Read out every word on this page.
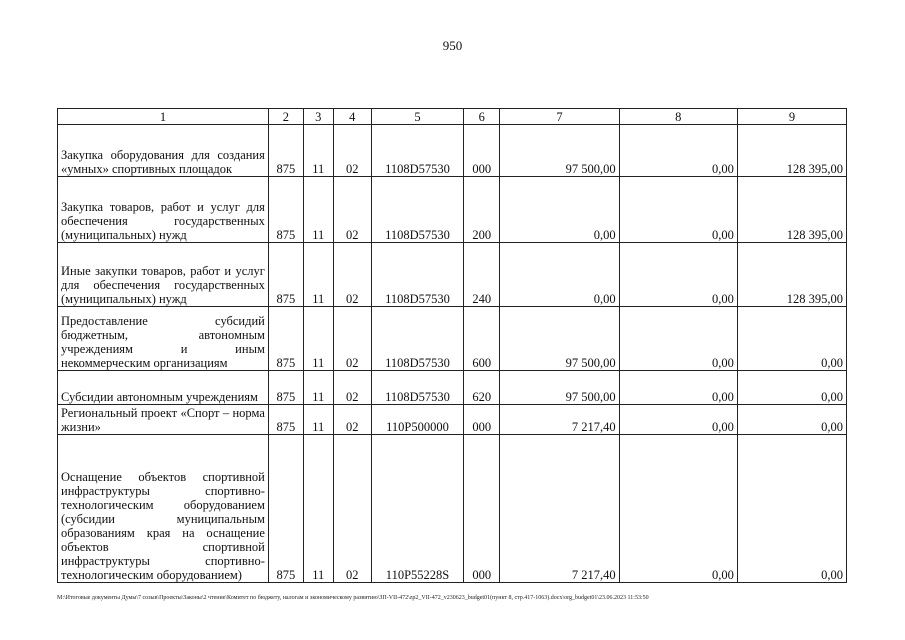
950
1	2	3	4	5	6	7	8	9
Закупка оборудования для создания «умных» спортивных площадок	875	11	02	1108D57530	000	97 500,00	0,00	128 395,00
Закупка товаров, работ и услуг для обеспечения государственных (муниципальных) нужд	875	11	02	1108D57530	200	0,00	0,00	128 395,00
Иные закупки товаров, работ и услуг для обеспечения государственных (муниципальных) нужд	875	11	02	1108D57530	240	0,00	0,00	128 395,00
Предоставление субсидий бюджетным, автономным учреждениям и иным некоммерческим организациям	875	11	02	1108D57530	600	97 500,00	0,00	0,00
Субсидии автономным учреждениям	875	11	02	1108D57530	620	97 500,00	0,00	0,00
Региональный проект «Спорт – норма жизни»	875	11	02	110P500000	000	7 217,40	0,00	0,00
Оснащение объектов спортивной инфраструктуры спортивно-технологическим оборудованием (субсидии муниципальным образованиям края на оснащение объектов спортивной инфраструктуры спортивно-технологическим оборудованием)	875	11	02	110P55228S	000	7 217,40	0,00	0,00
M:\Итоговые документы Думы\7 созыв\Проекты\Законы\2 чтение\Комитет по бюджету, налогам и экономическому развитию\ЗП-VII-472\zp2_VII-472_v230623_budget01(пункт 8, стр.417-1063).docx\org_budget01\23.06.2023 11:53:50
